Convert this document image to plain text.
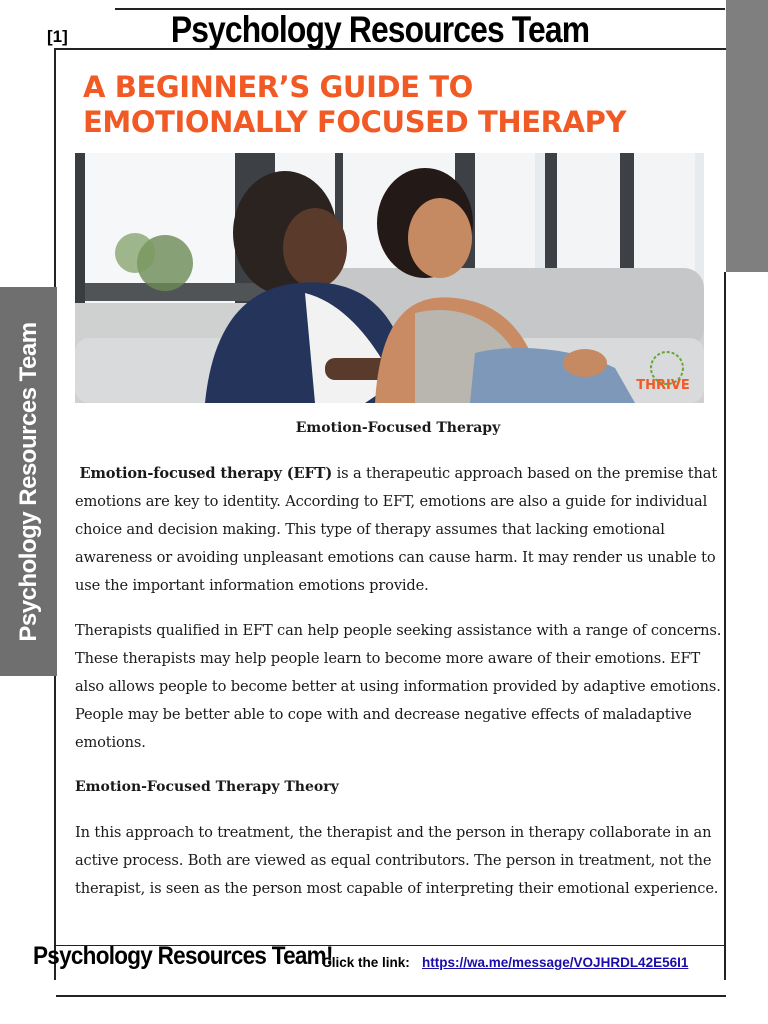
[1]	Psychology Resources Team
Psychology Resources Team
A BEGINNER’S GUIDE TO
EMOTIONALLY FOCUSED THERAPY
THRIVE
Emotion-Focused Therapy

Emotion-focused therapy (EFT) is a therapeutic approach based on the premise that emotions are key to identity. According to EFT, emotions are also a guide for individual choice and decision making. This type of therapy assumes that lacking emotional awareness or avoiding unpleasant emotions can cause harm. It may render us unable to use the important information emotions provide.

Therapists qualified in EFT can help people seeking assistance with a range of concerns. These therapists may help people learn to become more aware of their emotions. EFT also allows people to become better at using information provided by adaptive emotions. People may be better able to cope with and decrease negative effects of maladaptive emotions.

Emotion-Focused Therapy Theory

In this approach to treatment, the therapist and the person in therapy collaborate in an active process. Both are viewed as equal contributors. The person in treatment, not the therapist, is seen as the person most capable of interpreting their emotional experience.

Psychology Resources Team!
Click the link: https://wa.me/message/VOJHRDL42E56I1
